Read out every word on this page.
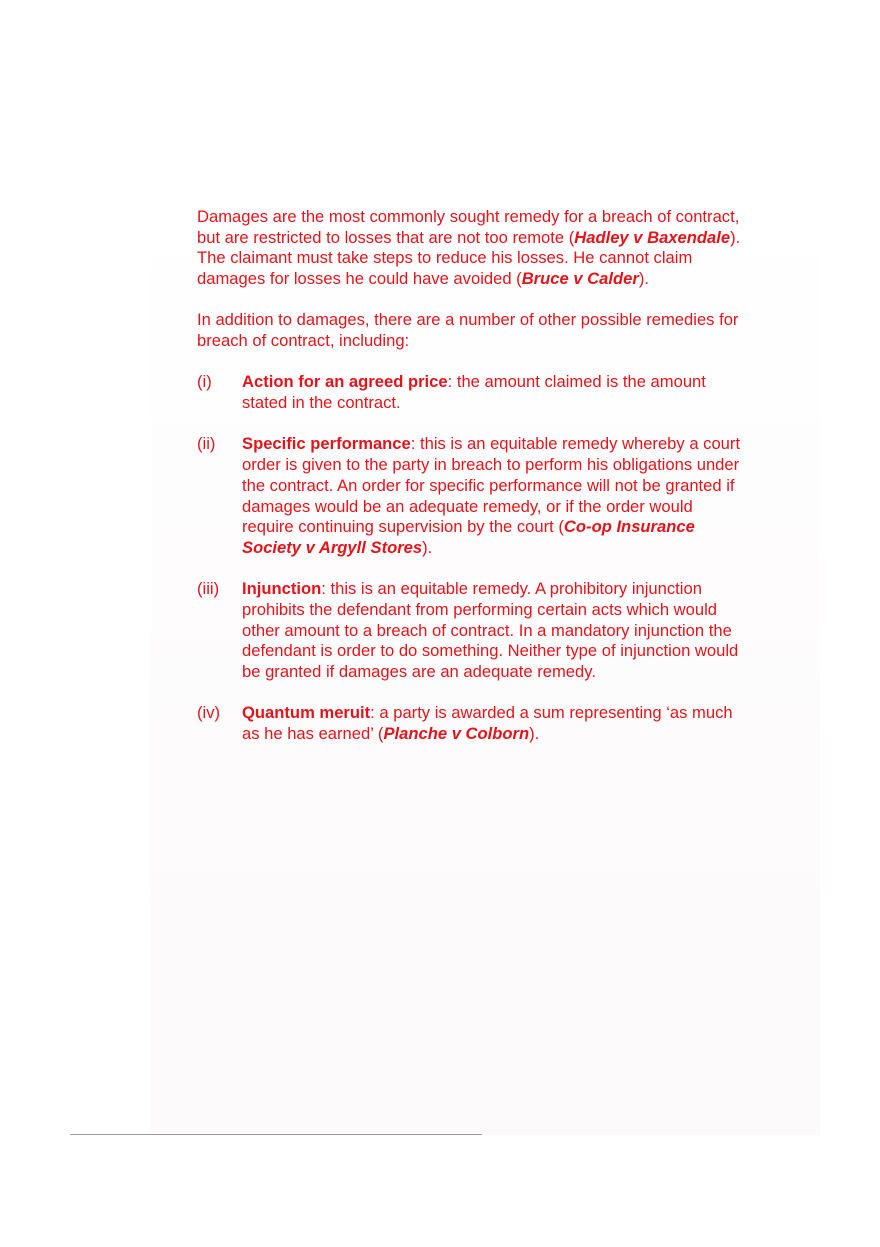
Damages are the most commonly sought remedy for a breach of contract, but are restricted to losses that are not too remote (Hadley v Baxendale). The claimant must take steps to reduce his losses. He cannot claim damages for losses he could have avoided (Bruce v Calder).

In addition to damages, there are a number of other possible remedies for breach of contract, including:

(i)	Action for an agreed price: the amount claimed is the amount stated in the contract.
(ii)	Specific performance: this is an equitable remedy whereby a court order is given to the party in breach to perform his obligations under the contract. An order for specific performance will not be granted if damages would be an adequate remedy, or if the order would require continuing supervision by the court (Co-op Insurance Society v Argyll Stores).
(iii)	Injunction: this is an equitable remedy. A prohibitory injunction prohibits the defendant from performing certain acts which would other amount to a breach of contract. In a mandatory injunction the defendant is order to do something. Neither type of injunction would be granted if damages are an adequate remedy.
(iv)	Quantum meruit: a party is awarded a sum representing ‘as much as he has earned’ (Planche v Colborn).
